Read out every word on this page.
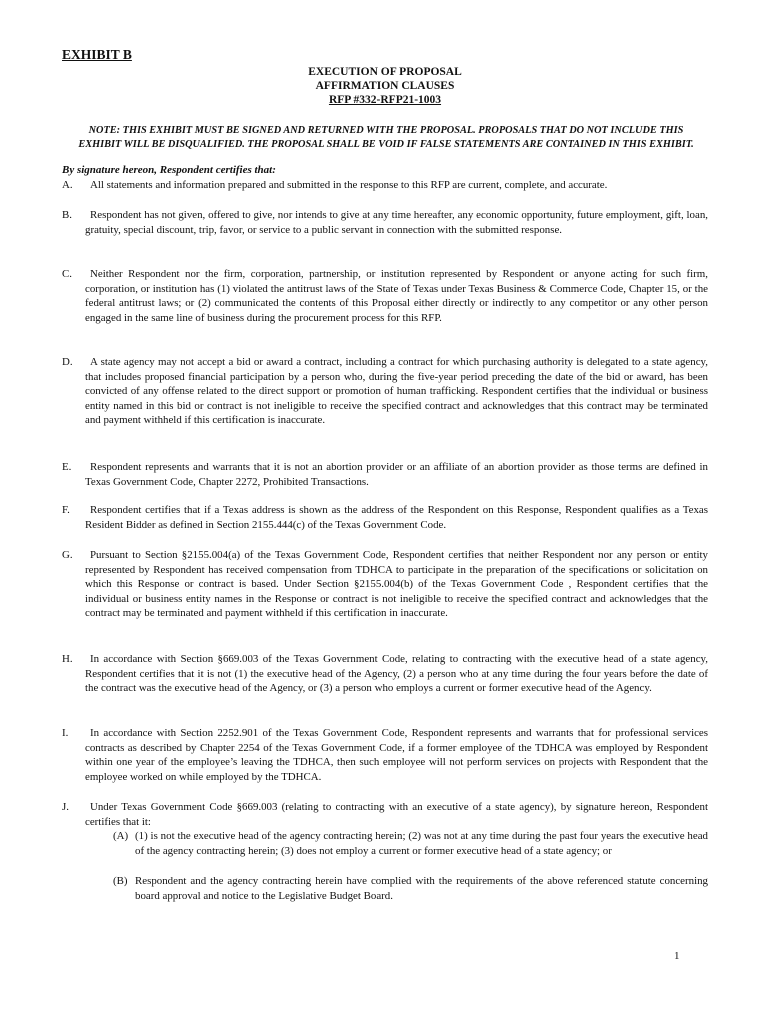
EXHIBIT B
EXECUTION OF PROPOSAL
AFFIRMATION CLAUSES
RFP #332-RFP21-1003
NOTE: THIS EXHIBIT MUST BE SIGNED AND RETURNED WITH THE PROPOSAL. PROPOSALS THAT DO NOT INCLUDE THIS EXHIBIT WILL BE DISQUALIFIED. THE PROPOSAL SHALL BE VOID IF FALSE STATEMENTS ARE CONTAINED IN THIS EXHIBIT.
By signature hereon, Respondent certifies that:
A.	All statements and information prepared and submitted in the response to this RFP are current, complete, and accurate.
B.	Respondent has not given, offered to give, nor intends to give at any time hereafter, any economic opportunity, future employment, gift, loan, gratuity, special discount, trip, favor, or service to a public servant in connection with the submitted response.
C.	Neither Respondent nor the firm, corporation, partnership, or institution represented by Respondent or anyone acting for such firm, corporation, or institution has (1) violated the antitrust laws of the State of Texas under Texas Business & Commerce Code, Chapter 15, or the federal antitrust laws; or (2) communicated the contents of this Proposal either directly or indirectly to any competitor or any other person engaged in the same line of business during the procurement process for this RFP.
D.	A state agency may not accept a bid or award a contract, including a contract for which purchasing authority is delegated to a state agency, that includes proposed financial participation by a person who, during the five-year period preceding the date of the bid or award, has been convicted of any offense related to the direct support or promotion of human trafficking. Respondent certifies that the individual or business entity named in this bid or contract is not ineligible to receive the specified contract and acknowledges that this contract may be terminated and payment withheld if this certification is inaccurate.
E.	Respondent represents and warrants that it is not an abortion provider or an affiliate of an abortion provider as those terms are defined in Texas Government Code, Chapter 2272, Prohibited Transactions.
F.	Respondent certifies that if a Texas address is shown as the address of the Respondent on this Response, Respondent qualifies as a Texas Resident Bidder as defined in Section 2155.444(c) of the Texas Government Code.
G.	Pursuant to Section §2155.004(a) of the Texas Government Code, Respondent certifies that neither Respondent nor any person or entity represented by Respondent has received compensation from TDHCA to participate in the preparation of the specifications or solicitation on which this Response or contract is based. Under Section §2155.004(b) of the Texas Government Code , Respondent certifies that the individual or business entity names in the Response or contract is not ineligible to receive the specified contract and acknowledges that the contract may be terminated and payment withheld if this certification in inaccurate.
H.	In accordance with Section §669.003 of the Texas Government Code, relating to contracting with the executive head of a state agency, Respondent certifies that it is not (1) the executive head of the Agency, (2) a person who at any time during the four years before the date of the contract was the executive head of the Agency, or (3) a person who employs a current or former executive head of the Agency.
I.	In accordance with Section 2252.901 of the Texas Government Code, Respondent represents and warrants that for professional services contracts as described by Chapter 2254 of the Texas Government Code, if a former employee of the TDHCA was employed by Respondent within one year of the employee’s leaving the TDHCA, then such employee will not perform services on projects with Respondent that the employee worked on while employed by the TDHCA.
J.	Under Texas Government Code §669.003 (relating to contracting with an executive of a state agency), by signature hereon, Respondent certifies that it:
(A) (1) is not the executive head of the agency contracting herein; (2) was not at any time during the past four years the executive head of the agency contracting herein; (3) does not employ a current or former executive head of a state agency; or
(B) Respondent and the agency contracting herein have complied with the requirements of the above referenced statute concerning board approval and notice to the Legislative Budget Board.
1
